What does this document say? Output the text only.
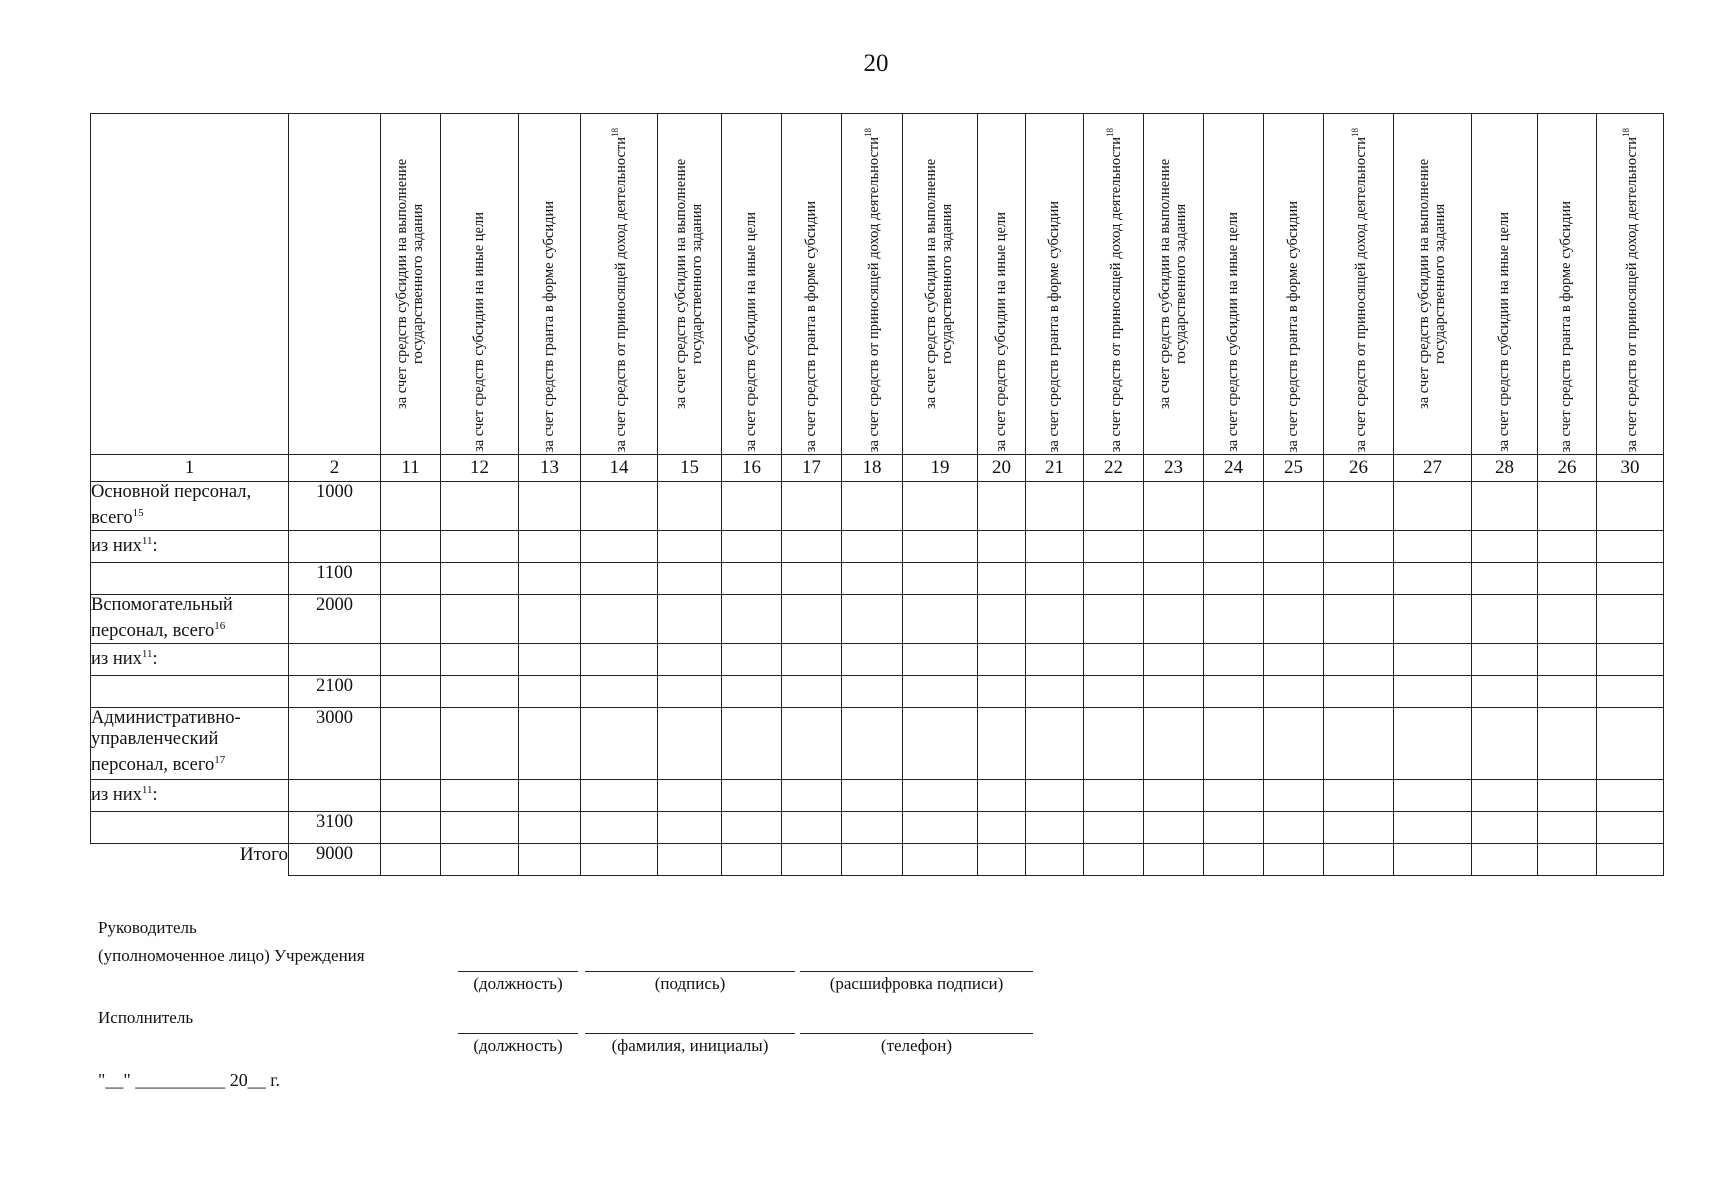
20

		за счет средств субсидии на выполнение государственного задания	за счет средств субсидии на иные цели	за счет средств гранта в форме субсидии	за счет средств от приносящей доход деятельности$^{18}$	за счет средств субсидии на выполнение государственного задания	за счет средств субсидии на иные цели	за счет средств гранта в форме субсидии	за счет средств от приносящей доход деятельности$^{18}$	за счет средств субсидии на выполнение государственного задания	за счет средств субсидии на иные цели	за счет средств гранта в форме субсидии	за счет средств от приносящей доход деятельности$^{18}$	за счет средств субсидии на выполнение государственного задания	за счет средств субсидии на иные цели	за счет средств гранта в форме субсидии	за счет средств от приносящей доход деятельности$^{18}$	за счет средств субсидии на выполнение государственного задания	за счет средств субсидии на иные цели	за счет средств гранта в форме субсидии	за счет средств от приносящей доход деятельности$^{18}$

1	2	11	12	13	14	15	16	17	18	19	20	21	22	23	24	25	26	27	28	26	30
Основной персонал, всего$^{15}$	1000																				
из них$^{11}$:																					
	1100																				
Вспомогательный персонал, всего$^{16}$	2000																				
из них$^{11}$:																					
	2100																				
Административно-управленческий персонал, всего$^{17}$	3000																				
из них$^{11}$:																					
	3100																				
Итого	9000																				
Руководитель
(уполномоченное лицо) Учреждения
(должность)	(подпись)	(расшифровка подписи)
Исполнитель
(должность)	(фамилия, инициалы)	(телефон)
"__" __________ 20__ г.
